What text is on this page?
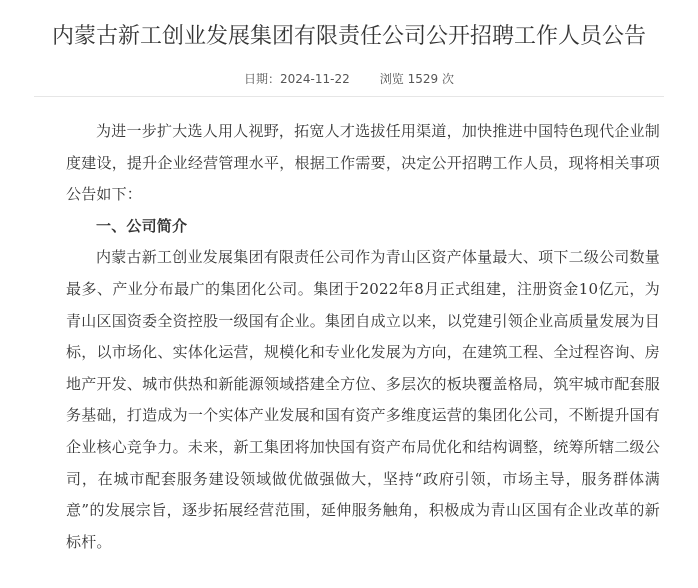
内蒙古新工创业发展集团有限责任公司公开招聘工作人员公告
日期：2024-11-22	浏览 1529 次

为进一步扩大选人用人视野，拓宽人才选拔任用渠道，加快推进中国特色现代企业制度建设，提升企业经营管理水平，根据工作需要，决定公开招聘工作人员，现将相关事项公告如下：

一、公司简介

内蒙古新工创业发展集团有限责任公司作为青山区资产体量最大、项下二级公司数量最多、产业分布最广的集团化公司。集团于2022年8月正式组建，注册资金10亿元，为青山区国资委全资控股一级国有企业。集团自成立以来，以党建引领企业高质量发展为目标，以市场化、实体化运营，规模化和专业化发展为方向，在建筑工程、全过程咨询、房地产开发、城市供热和新能源领域搭建全方位、多层次的板块覆盖格局，筑牢城市配套服务基础，打造成为一个实体产业发展和国有资产多维度运营的集团化公司，不断提升国有企业核心竞争力。未来，新工集团将加快国有资产布局优化和结构调整，统筹所辖二级公司，在城市配套服务建设领域做优做强做大，坚持“政府引领，市场主导，服务群体满意”的发展宗旨，逐步拓展经营范围，延伸服务触角，积极成为青山区国有企业改革的新标杆。
